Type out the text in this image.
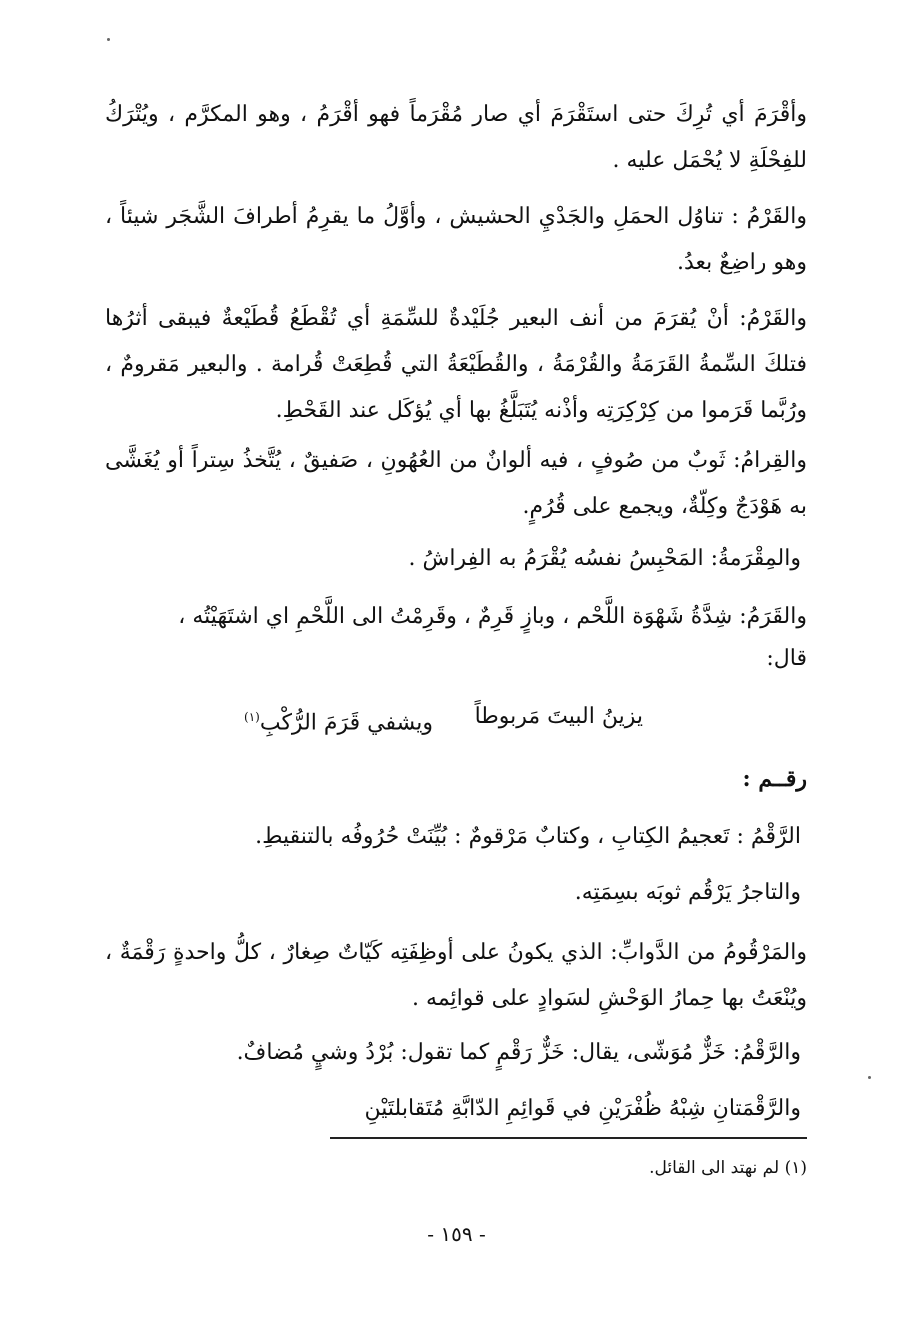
وأقْرَمَ أي تُرِكَ حتى استَقْرَمَ أي صار مُقْرَماً فهو أقْرَمُ ، وهو المكرَّم ، ويُتْرَكُ للفِحْلَةِ لا يُحْمَل عليه .

والقَرْمُ : تناوُل الحمَلِ والجَدْيِ الحشيش ، وأوَّلُ ما يقرِمُ أطرافَ الشَّجَر شيئاً ، وهو راضِعٌ بعدُ.

والقَرْمُ: أنْ يُقرَمَ من أنف البعير جُلَيْدةٌ للسِّمَةِ أي تُقْطَعُ قُطَيْعةٌ فيبقى أثرُها فتلكَ السِّمةُ القَرَمَةُ والقُرْمَةُ ، والقُطَيْعَةُ التي قُطِعَتْ قُرامة . والبعير مَقرومٌ ، ورُبَّما قَرَموا من كِرْكِرَتِه وأذْنه يُتَبَلَّغُ بها أي يُؤكَل عند القَحْطِ.

والقِرامُ: ثَوبٌ من صُوفٍ ، فيه ألوانٌ من العُهُونِ ، صَفيقٌ ، يُتَّخذُ سِتراً أو يُغَشَّى به هَوْدَجٌ وكِلّةٌ، ويجمع على قُرُمٍ.

والمِقْرَمةُ: المَحْبِسُ نفسُه يُقْرَمُ به الفِراشُ .

والقَرَمُ: شِدَّةُ شَهْوَة اللَّحْم ، وبازٍ قَرِمٌ ، وقَرِمْتُ الى اللَّحْمِ اي اشتَهَيْتُه ،

قال:

يزينُ البيتَ مَربوطاً
ويشفي قَرَمَ الرُّكْبِ$^{(١)}$
رقــم :

الرَّقْمُ : تَعجيمُ الكِتابِ ، وكتابٌ مَرْقومٌ : بُيِّنَتْ حُرُوفُه بالتنقيطِ.

والتاجرُ يَرْقُم ثوبَه بسِمَتِه.

والمَرْقُومُ من الدَّوابِّ: الذي يكونُ على أوظِفَتِه كَيّاتٌ صِغارٌ ، كلُّ واحدةٍ رَقْمَةٌ ، ويُنْعَتُ بها حِمارُ الوَحْشِ لسَوادٍ على قوائِمه .

والرَّقْمُ: خَزٌّ مُوَشّى، يقال: خَزٌّ رَقْمٍ كما تقول: بُرْدُ وشيٍ مُضافٌ.

والرَّقْمَتانِ شِبْهُ ظُفْرَيْنِ في قَوائِمِ الدّابَّةِ مُتَقابلتَيْنِ

(١) لم نهتد الى القائل.
- ١٥٩ -
